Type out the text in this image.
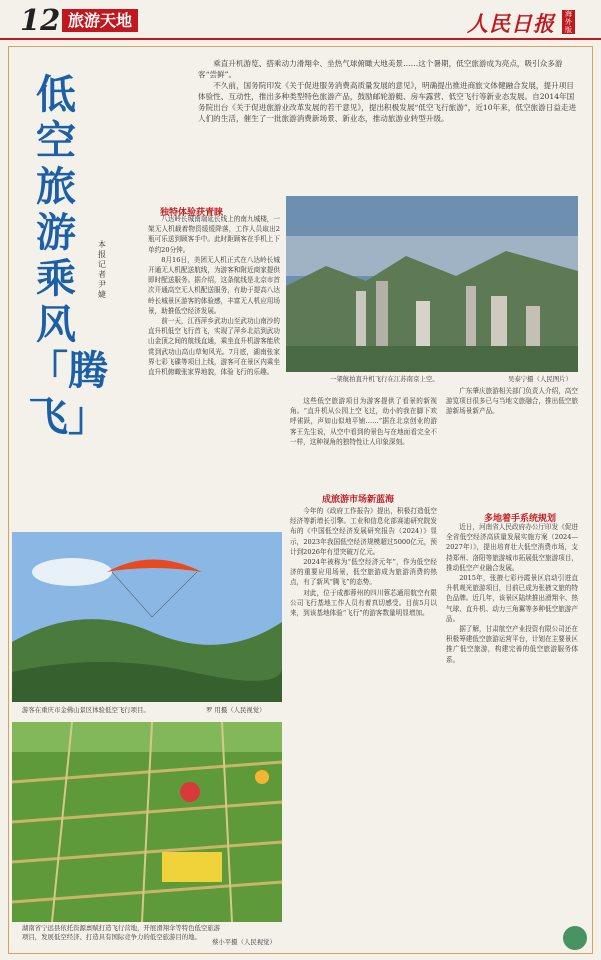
12 旅游天地	人民日报	海外版
低空旅游乘风「腾飞」
本报记者 尹婕

乘直升机游览、搭乘动力滑翔伞、坐热气球俯瞰大地美景……这个暑期，低空旅游成为亮点，吸引众多游客“尝鲜”。

不久前，国务院印发《关于促进服务消费高质量发展的意见》，明确提出推进商旅文体健融合发展，提升项目体验性、互动性，推出多种类型特色旅游产品，鼓励邮轮游艇、房车露营、低空飞行等新业态发展。自2014年国务院出台《关于促进旅游业改革发展的若干意见》，提出积极发展“低空飞行旅游”，近10年来，低空旅游日益走进人们的生活，催生了一批旅游消费新场景、新业态，推动旅游业转型升级。

独特体验获青睐

八达岭长城南端延长线上的南九城楼，一架无人机载着物资缓缓降落，工作人员取出2瓶可乐送到顾客手中。此时距顾客在手机上下单约20分钟。

8月16日，美团无人机正式在八达岭长城开通无人机配送航线，为游客和附近商家提供即时配送服务。据介绍，这条航线是北京市首次开通高空无人机配送服务，有助于提高八达岭长城景区游客的体验感，丰富无人机应用场景，助推低空经济发展。

前一天，江西萍乡武功山至武功山南沙的直升机低空飞行首飞，实现了萍乡北站到武功山金顶之间的航线直通，乘坐直升机游客能欣赏到武功山高山草甸风光。7月底，湖南张家界七彩飞碟等项目上线，游客可在景区内乘坐直升机俯瞰张家界地貌，体验飞行的乐趣。

一架航拍直升机飞行在江苏南京上空。	吴泰宁摄（人民图片）

这些低空旅游项目为游客提供了看景的新视角。“直升机从公园上空飞过，幼小的我在脚下欢呼雀跃，声如山似地平铺……”据在北京创业的游客王先生说，从空中看到的景色与在地面看完全不一样，这种视角的独特性让人印象深刻。

广东肇庆旅游相关部门负责人介绍，高空游览项目很多已与当地文旅融合，推出低空旅游新场景新产品。

成旅游市场新蓝海
多地着手系统规划
游客在重庆市金佛山景区体验低空飞行项目。	罗 用摄（人民视觉）

今年的《政府工作报告》提出，积极打造低空经济等新增长引擎。工业和信息化部赛迪研究院发布的《中国低空经济发展研究报告（2024）》显示，2023年我国低空经济规模超过5000亿元，预计到2026年有望突破万亿元。

2024年被称为“低空经济元年”，作为低空经济的重要应用场景，低空旅游成为旅游消费的热点，有了新风“腾飞”的态势。

对此，位于成都蓉州的四川蓉芯通用航空有限公司飞行基地工作人员有着真切感受。目前5月以来，到该基地体验“飞行”的游客数量明显增加。

近日，河南省人民政府办公厅印发《促进全省低空经济高质量发展实施方案（2024—2027年）》，提出培育壮大低空消费市场，支持郑州、洛阳等旅游城市拓展低空旅游项目，推动低空产业融合发展。

2015年，张掖七彩丹霞景区启动引进直升机观光旅游项目，目前已成为张掖文旅的特色品牌。近几年，该景区陆续推出滑翔伞、热气球、直升机、动力三角翼等多种低空旅游产品。

据了解，甘肃航空产业投资有限公司还在积极筹建低空旅游运营平台，计划在主要景区推广低空旅游，构建完善的低空旅游服务体系。

湖南省宁远县依托资源禀赋打造飞行营地，开展滑翔伞等特色低空旅游项目，发展低空经济、打造具有国际竞争力的低空旅游目的地。
蔡小平摄（人民视觉）
